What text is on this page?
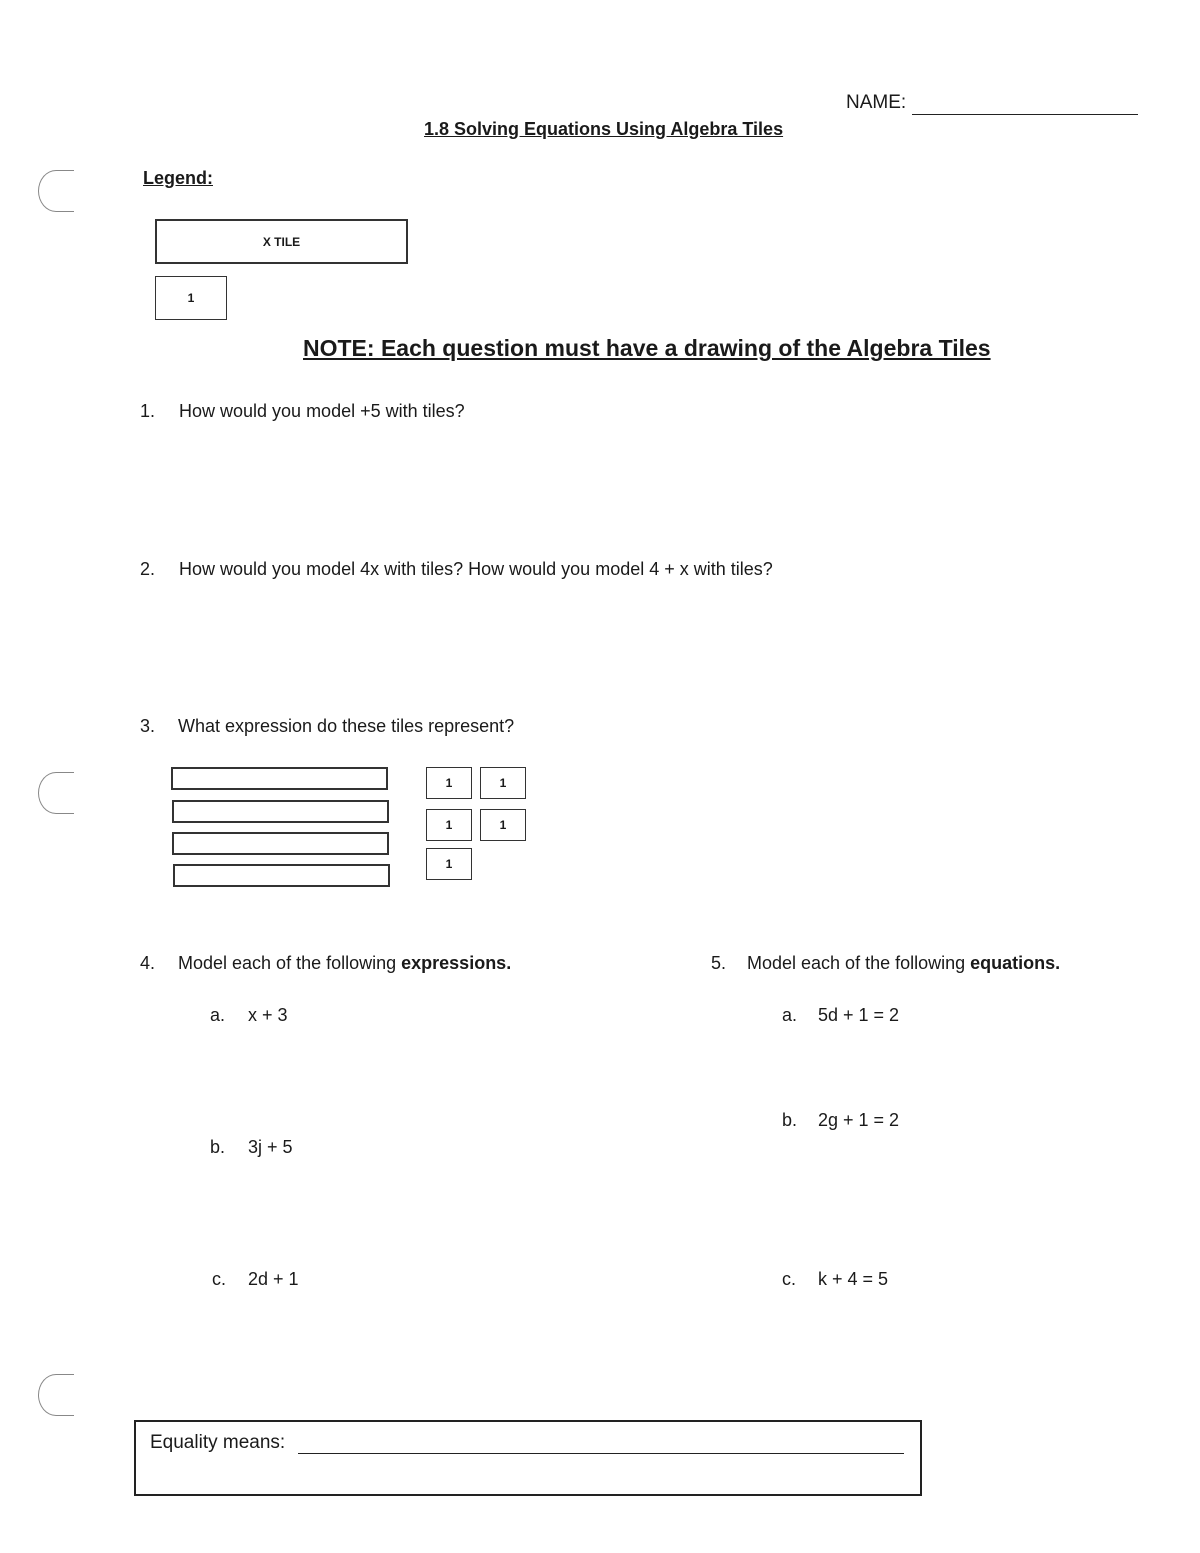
NAME:
1.8 Solving Equations Using Algebra Tiles
Legend:
X TILE
1
NOTE: Each question must have a drawing of the Algebra Tiles
1. How would you model +5 with tiles?
2. How would you model 4x with tiles? How would you model 4 + x with tiles?
3. What expression do these tiles represent?
1	1
1	1
1
4. Model each of the following expressions.
a. x + 3
b. 3j + 5
c. 2d + 1
5. Model each of the following equations.
a. 5d + 1 = 2
b. 2g + 1 = 2
c. k + 4 = 5
Equality means:
